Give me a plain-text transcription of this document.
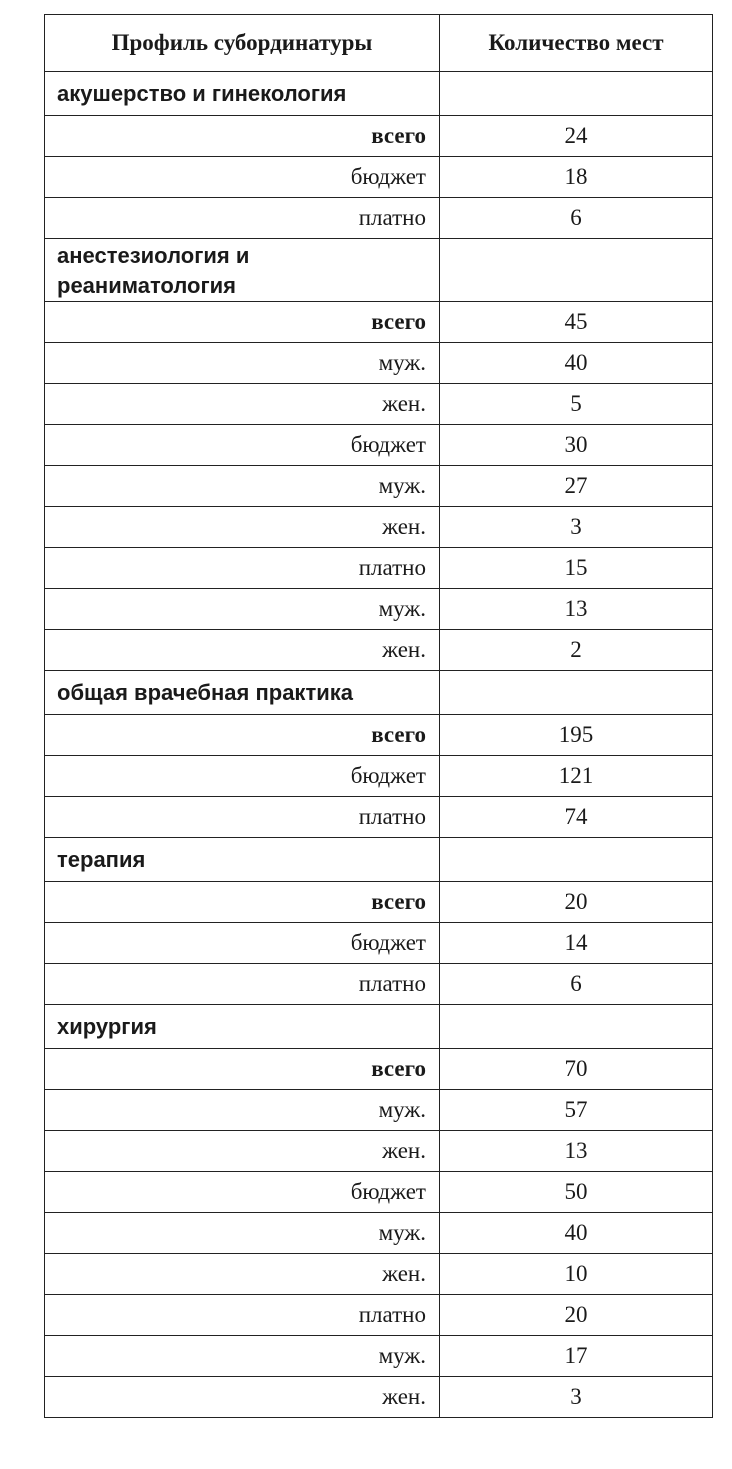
Профиль субординатуры	Количество мест
акушерство и гинекология	
всего	24
бюджет	18
платно	6
анестезиология и
реаниматология	
всего	45
муж.	40
жен.	5
бюджет	30
муж.	27
жен.	3
платно	15
муж.	13
жен.	2
общая врачебная практика	
всего	195
бюджет	121
платно	74
терапия	
всего	20
бюджет	14
платно	6
хирургия	
всего	70
муж.	57
жен.	13
бюджет	50
муж.	40
жен.	10
платно	20
муж.	17
жен.	3
